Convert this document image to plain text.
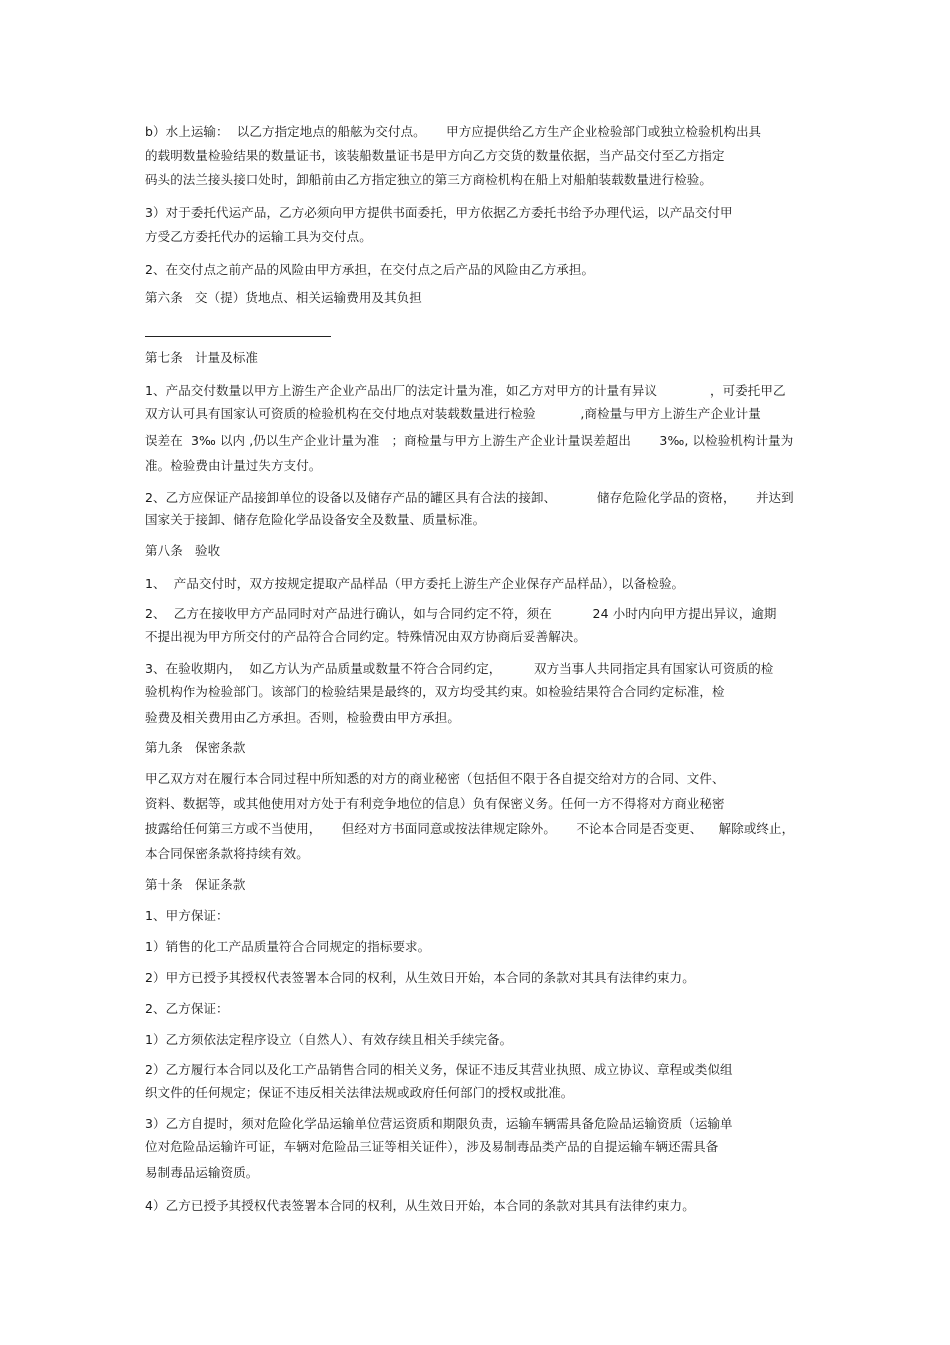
b）水上运输：  以乙方指定地点的船舷为交付点。     甲方应提供给乙方生产企业检验部门或独立检验机构出具
的载明数量检验结果的数量证书，该装船数量证书是甲方向乙方交货的数量依据，当产品交付至乙方指定
码头的法兰接头接口处时，卸船前由乙方指定独立的第三方商检机构在船上对船舶装载数量进行检验。
3）对于委托代运产品，乙方必须向甲方提供书面委托，甲方依据乙方委托书给予办理代运，以产品交付甲
方受乙方委托代办的运输工具为交付点。
2、在交付点之前产品的风险由甲方承担，在交付点之后产品的风险由乙方承担。
第六条   交（提）货地点、相关运输费用及其负担
第七条   计量及标准
1、产品交付数量以甲方上游生产企业产品出厂的法定计量为准，如乙方对甲方的计量有异议             ，可委托甲乙
双方认可具有国家认可资质的检验机构在交付地点对装载数量进行检验           ,商检量与甲方上游生产企业计量
误差在  3‰ 以内 ,仍以生产企业计量为准   ；商检量与甲方上游生产企业计量误差超出       3‰, 以检验机构计量为
准。检验费由计量过失方支付。
2、乙方应保证产品接卸单位的设备以及储存产品的罐区具有合法的接卸、          储存危险化学品的资格，     并达到
国家关于接卸、储存危险化学品设备安全及数量、质量标准。
第八条   验收
1、  产品交付时，双方按规定提取产品样品（甲方委托上游生产企业保存产品样品），以备检验。
2、  乙方在接收甲方产品同时对产品进行确认，如与合同约定不符，须在          24 小时内向甲方提出异议，逾期
不提出视为甲方所交付的产品符合合同约定。特殊情况由双方协商后妥善解决。
3、在验收期内，  如乙方认为产品质量或数量不符合合同约定，        双方当事人共同指定具有国家认可资质的检
验机构作为检验部门。该部门的检验结果是最终的，双方均受其约束。如检验结果符合合同约定标准，检
验费及相关费用由乙方承担。否则，检验费由甲方承担。
第九条   保密条款
甲乙双方对在履行本合同过程中所知悉的对方的商业秘密（包括但不限于各自提交给对方的合同、文件、
资料、数据等，或其他使用对方处于有利竞争地位的信息）负有保密义务。任何一方不得将对方商业秘密
披露给任何第三方或不当使用，     但经对方书面同意或按法律规定除外。     不论本合同是否变更、    解除或终止，
本合同保密条款将持续有效。
第十条   保证条款
1、甲方保证：
1）销售的化工产品质量符合合同规定的指标要求。
2）甲方已授予其授权代表签署本合同的权利，从生效日开始，本合同的条款对其具有法律约束力。
2、乙方保证：
1）乙方须依法定程序设立（自然人）、有效存续且相关手续完备。
2）乙方履行本合同以及化工产品销售合同的相关义务，保证不违反其营业执照、成立协议、章程或类似组
织文件的任何规定；保证不违反相关法律法规或政府任何部门的授权或批准。
3）乙方自提时，须对危险化学品运输单位营运资质和期限负责，运输车辆需具备危险品运输资质（运输单
位对危险品运输许可证，车辆对危险品三证等相关证件），涉及易制毒品类产品的自提运输车辆还需具备
易制毒品运输资质。
4）乙方已授予其授权代表签署本合同的权利，从生效日开始，本合同的条款对其具有法律约束力。
